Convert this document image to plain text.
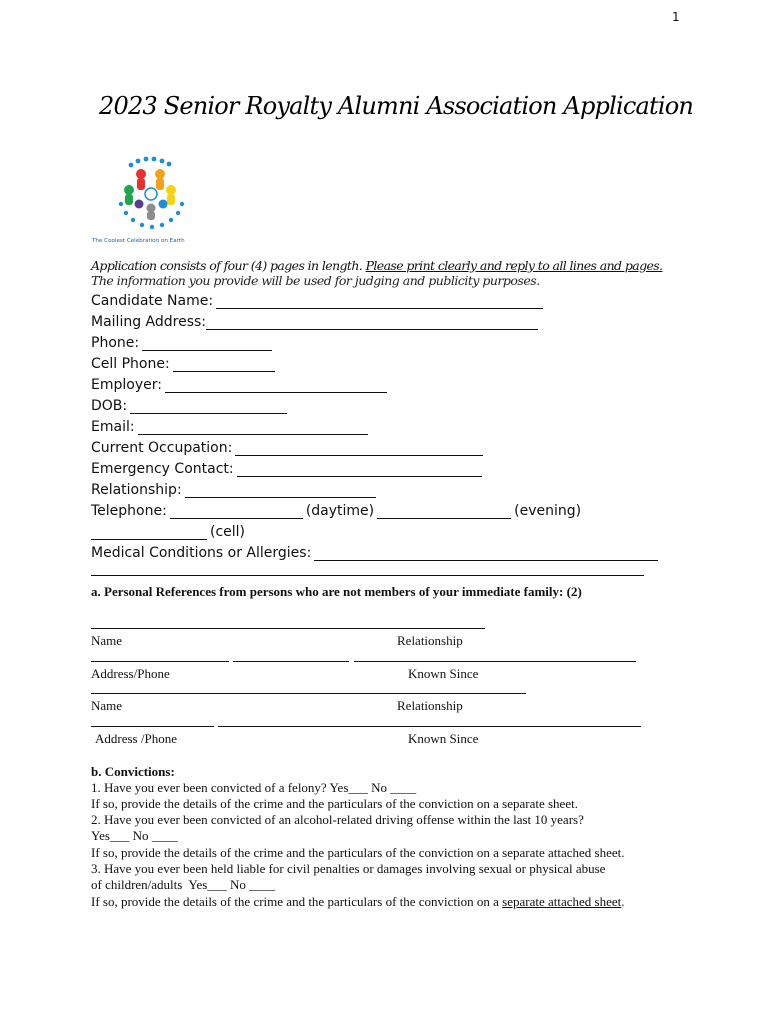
1
2023 Senior Royalty Alumni Association Application
The Coolest Celebration on Earth
Application consists of four (4) pages in length. Please print clearly and reply to all lines and pages.
The information you provide will be used for judging and publicity purposes.
Candidate Name:
Mailing Address:
Phone:
Cell Phone:
Employer:
DOB:
Email:
Current Occupation:
Emergency Contact:
Relationship:
Telephone:	(daytime)	(evening)
(cell)
Medical Conditions or Allergies:
a. Personal References from persons who are not members of your immediate family: (2)
Name	Relationship
Address/Phone	Known Since
Name	Relationship
Address /Phone	Known Since
b. Convictions:
1. Have you ever been convicted of a felony? Yes___ No ____
If so, provide the details of the crime and the particulars of the conviction on a separate sheet.
2. Have you ever been convicted of an alcohol-related driving offense within the last 10 years?
Yes___ No ____
If so, provide the details of the crime and the particulars of the conviction on a separate attached sheet.
3. Have you ever been held liable for civil penalties or damages involving sexual or physical abuse
of children/adults  Yes___ No ____
If so, provide the details of the crime and the particulars of the conviction on a separate attached sheet.
